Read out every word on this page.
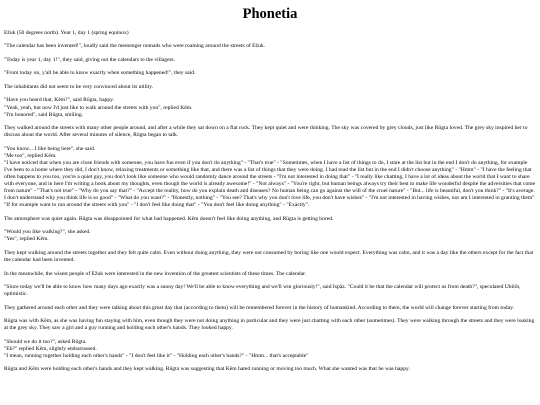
Phonetia

Ežuk (50 degrees north). Year 1, day 1 (spring equinox)

"The calendar has been invented!", loudly said the messenger nomads who were roaming around the streets of Ežuk.

"Today is year 1, day 1!", they said, giving out the calendars to the villagers.

"From today on, y'all be able to know exactly when something happened!", they said.

The inhabitants did not seem to be very convinced about its utility.

"Have you heard that, Kēm?", said Rūgta, happy.
"Yeah, yeah, but now I'd just like to walk around the streets with you", replied Kēm.
"I'm honored", said Rūgta, smiling.

They walked around the streets with many other people around, and after a while they sat down on a flat rock. They kept quiet and were thinking. The sky was covered by grey clouds, just like Rūgta loved. The grey sky inspired her to discuss about the world. After several minutes of silence, Rūgta began to talk.

"You know... I like being here", she said.
"Me too", replied Kēm.
"I have noticed that when you are close friends with someone, you have fun even if you don't do anything" - "That's true" - "Sometimes, when I have a list of things to do, I stare at the list but in the end I don't do anything, for example I've been to a home where they did, I don't know, relaxing treatments or something like that, and there was a list of things that they were doing. I had read the list but in the end I didn't choose anything" - "Hmm" - "I have the feeling that often happens to you too, you're a quiet guy, you don't look like someone who would randomly dance around the streets - "I'm not interested in doing that" - "I really like chatting, I have a lot of ideas about the world that I want to share with everyone, and in here I'm writing a book about my thoughts, even though the world is already awesome!" - "Not always" - "You're right, but human beings always try their best to make life wonderful despite the adversities that come from nature" - "That's not true" - "Why do you say that?" - "Accept the reality, how do you explain death and diseases? No human being can go against the will of the cruel nature" - "But... life is beautiful, don't you think?" - "It's average. I don't understand why you think life is so good" - "What do you want?" - "Honestly, nothing" - "You see? That's why you don't love life, you don't have wishes" - "I'm not interested in having wishes, nor am I interested in granting them" "If for example want to run around the streets with you" - "I don't feel like doing that" - "You don't feel like doing anything" - "Exactly".

The atmosphere was quiet again. Rūgta was disappointed for what had happened. Kēm doesn't feel like doing anything, and Rūgta is getting bored.

"Would you like walking?", she asked.
"Yes", replied Kēm.

They kept walking around the streets together and they felt quite calm. Even without doing anything, they were not consumed by boring like one would expect. Everything was calm, and it was a day like the others except for the fact that the calendar had been invented.

In the meanwhile, the wisest people of Ežuk were interested in the new invention of the greatest scientists of these times. The calendar.

"Since today we'll be able to know how many days ago exactly was a sunny day! We'll be able to know everything and we'll win gloriously!", said Ispāz. "Could it be that the calendar will protect us from death?", speculated Ubilōt, optimistic.

They gathered around each other and they were talking about this great day that (according to them) will be remembered forever in the history of humankind. According to them, the world will change forever starting from today.

Rūgta was with Kēm, as she was having fun staying with him, even though they were not doing anything in particular and they were just chatting with each other (sometimes). They were walking through the streets and they were looking at the grey sky. They saw a girl and a guy running and holding each other's hands. They looked happy.

"Should we do it too?", asked Rūgta.
"Eh?" replied Kēm, slightly embarrassed.
"I mean, running together holding each other's hands" - "I don't feel like it" - "Holding each other's hands?" - "Hmm... that's acceptable"

Rūgta and Kēm were holding each other's hands and they kept walking. Rūgta was suggesting that Kēm hated running or moving too much. What she wanted was that he was happy.
